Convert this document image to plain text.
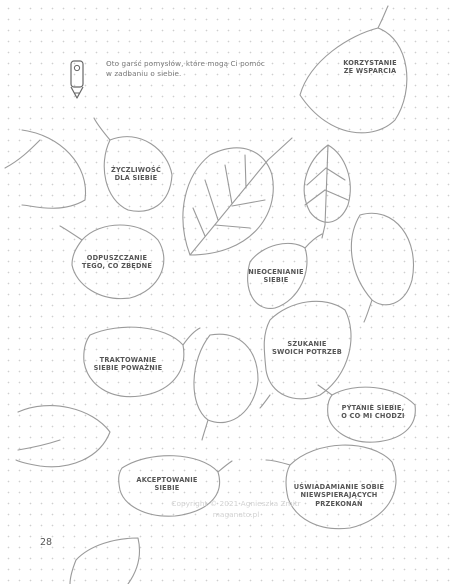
Oto garść pomysłów, które mogą Ci pomóc
w zadbaniu o siebie.
KORZYSTANIE
ZE WSPARCIA
ŻYCZLIWOŚĆ
DLA SIEBIE
ODPUSZCZANIE
TEGO, CO ZBĘDNE
NIEOCENIANIE
SIEBIE
SZUKANIE
SWOICH POTRZEB
TRAKTOWANIE
SIEBIE POWAŻNIE
PYTANIE SIEBIE,
O CO MI CHODZI
AKCEPTOWANIE
SIEBIE	UŚWIADAMIANIE SOBIE
NIEWSPIERAJĄCYCH
PRZEKONAŃ
Copyright © 2021 Agnieszka Zmitr
maganato.pl
28
